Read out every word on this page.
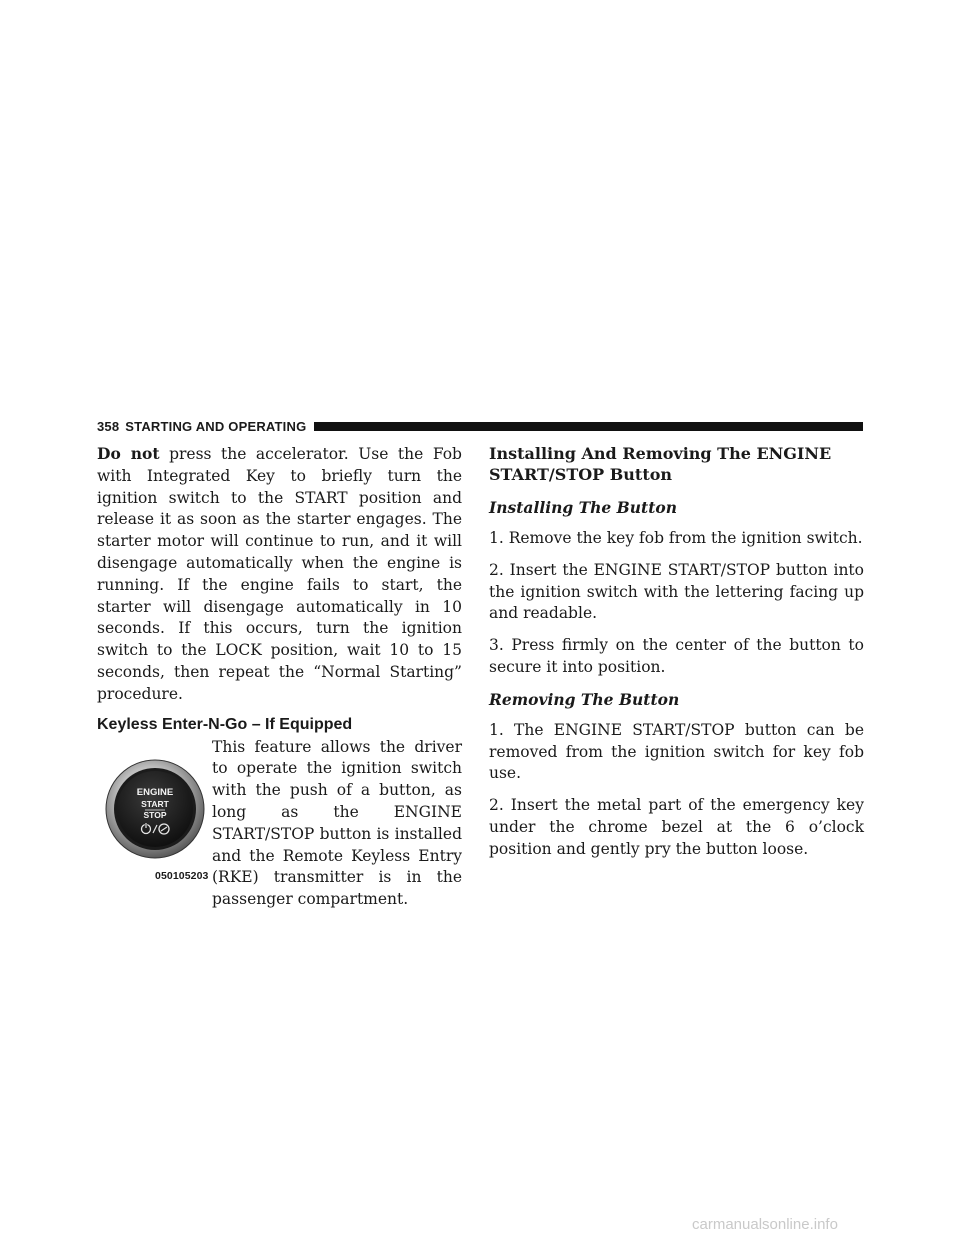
358 STARTING AND OPERATING

Do not press the accelerator. Use the Fob with Integrated Key to briefly turn the ignition switch to the START position and release it as soon as the starter engages. The starter motor will continue to run, and it will disengage automatically when the engine is running. If the engine fails to start, the starter will disengage automatically in 10 seconds. If this occurs, turn the ignition switch to the LOCK position, wait 10 to 15 seconds, then repeat the “Normal Starting” procedure.

Keyless Enter-N-Go – If Equipped
ENGINE
START
STOP
050105203

This feature allows the driver to operate the ignition switch with the push of a button, as long as the ENGINE START/STOP button is installed and the Remote Keyless Entry (RKE) transmitter is in the passenger compartment.

Installing And Removing The ENGINE START/STOP Button
Installing The Button

1. Remove the key fob from the ignition switch.

2. Insert the ENGINE START/STOP button into the ignition switch with the lettering facing up and readable.

3. Press firmly on the center of the button to secure it into position.

Removing The Button

1. The ENGINE START/STOP button can be removed from the ignition switch for key fob use.

2. Insert the metal part of the emergency key under the chrome bezel at the 6 o’clock position and gently pry the button loose.

carmanualsonline.info
